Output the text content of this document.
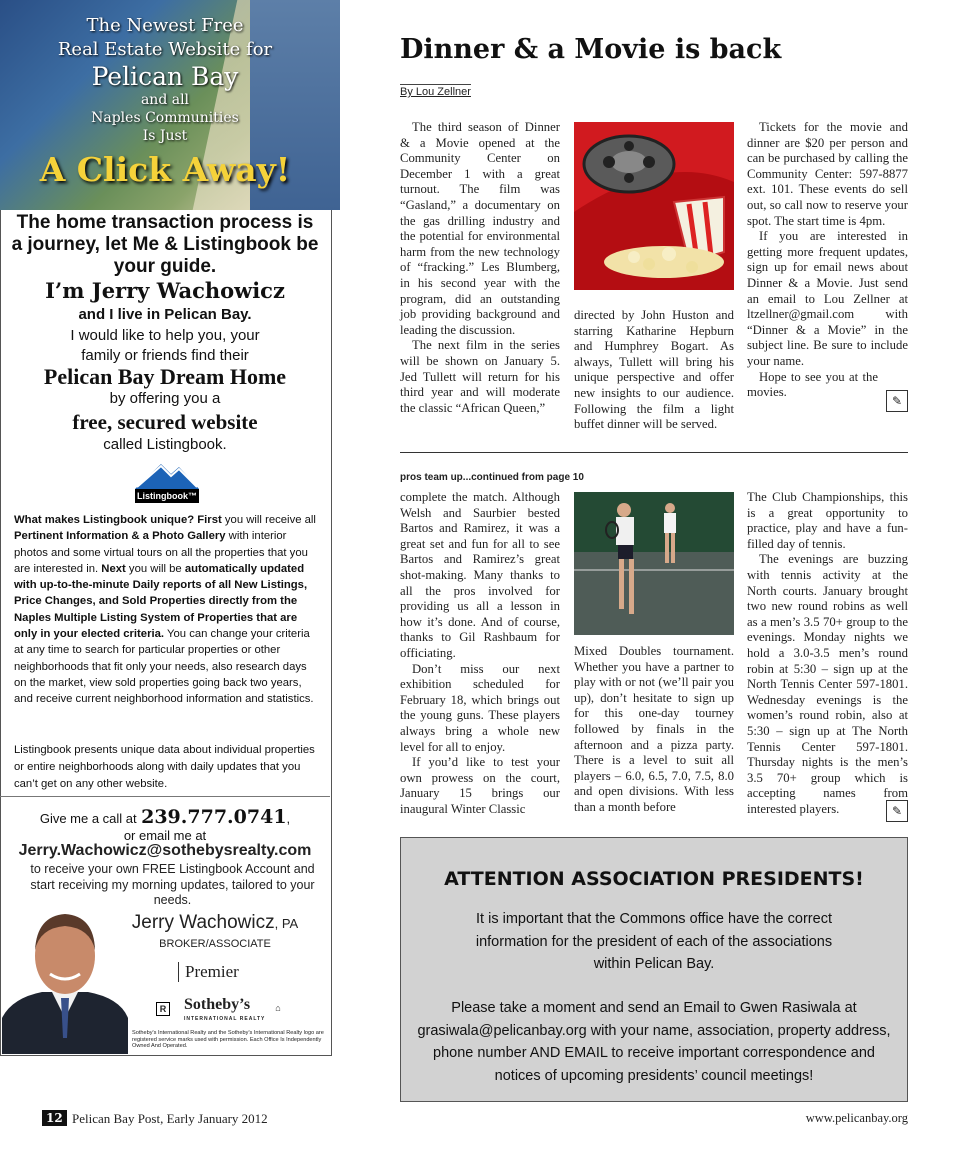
The Newest Free
Real Estate Website for
Pelican Bay
and all
Naples Communities
Is Just
A Click Away!
The home transaction process is a journey, let Me & Listingbook be your guide.
I’m Jerry Wachowicz
and I live in Pelican Bay.
I would like to help you, your family or friends find their
Pelican Bay Dream Home
by offering you a
free, secured website
called Listingbook.
Listingbook™
What makes Listingbook unique? First you will receive all Pertinent Information & a Photo Gallery with interior photos and some virtual tours on all the properties that you are interested in. Next you will be automatically updated with up-to-the-minute Daily reports of all New Listings, Price Changes, and Sold Properties directly from the Naples Multiple Listing System of Properties that are only in your elected criteria. You can change your criteria at any time to search for particular properties or other neighborhoods that fit only your needs, also research days on the market, view sold properties going back two years, and receive current neighborhood information and statistics.
Listingbook presents unique data about individual properties or entire neighborhoods along with daily updates that you can’t get on any other website.
Give me a call at 239.777.0741,
or email me at
Jerry.Wachowicz@sothebysrealty.com
to receive your own FREE Listingbook Account and start receiving my morning updates, tailored to your needs.
Jerry Wachowicz, PA
BROKER/ASSOCIATE
Premier
R Sotheby’s
INTERNATIONAL REALTY
⌂
Sotheby's International Realty and the Sotheby's International Realty logo are registered service marks used with permission. Each Office Is Independently Owned And Operated.
Dinner & a Movie is back
By Lou Zellner

The third season of Dinner & a Movie opened at the Community Center on December 1 with a great turnout. The film was “Gasland,” a documentary on the gas drilling industry and the potential for environmental harm from the new technology of “fracking.” Les Blumberg, in his second year with the program, did an outstanding job providing background and leading the discussion.

The next film in the series will be shown on January 5. Jed Tullett will return for his third year and will moderate the classic “African Queen,”

directed by John Huston and starring Katharine Hepburn and Humphrey Bogart. As always, Tullett will bring his unique perspective and offer new insights to our audience. Following the film a light buffet dinner will be served.

Tickets for the movie and dinner are $20 per person and can be purchased by calling the Community Center: 597-8877 ext. 101. These events do sell out, so call now to reserve your spot. The start time is 4pm.

If you are interested in getting more frequent updates, sign up for email news about Dinner & a Movie. Just send an email to Lou Zellner at ltzellner@gmail.com with “Dinner & a Movie” in the subject line. Be sure to include your name.

Hope to see you at the movies.

✎
pros team up...continued from page 10

complete the match. Although Welsh and Saurbier bested Bartos and Ramirez, it was a great set and fun for all to see Bartos and Ramirez’s great shot-making. Many thanks to all the pros involved for providing us all a lesson in how it’s done. And of course, thanks to Gil Rashbaum for officiating.

Don’t miss our next exhibition scheduled for February 18, which brings out the young guns. These players always bring a whole new level for all to enjoy.

If you’d like to test your own prowess on the court, January 15 brings our inaugural Winter Classic

Mixed Doubles tournament. Whether you have a partner to play with or not (we’ll pair you up), don’t hesitate to sign up for this one-day tourney followed by finals in the afternoon and a pizza party. There is a level to suit all players – 6.0, 6.5, 7.0, 7.5, 8.0 and open divisions. With less than a month before

The Club Championships, this is a great opportunity to practice, play and have a fun-filled day of tennis.

The evenings are buzzing with tennis activity at the North courts. January brought two new round robins as well as a men’s 3.5 70+ group to the evenings. Monday nights we hold a 3.0-3.5 men’s round robin at 5:30 – sign up at the North Tennis Center 597-1801. Wednesday evenings is the women’s round robin, also at 5:30 – sign up at The North Tennis Center 597-1801. Thursday nights is the men’s 3.5 70+ group which is accepting names from interested players.	✎
ATTENTION ASSOCIATION PRESIDENTS!
It is important that the Commons office have the correct information for the president of each of the associations within Pelican Bay.
Please take a moment and send an Email to Gwen Rasiwala at grasiwala@pelicanbay.org with your name, association, property address, phone number AND EMAIL to receive important correspondence and notices of upcoming presidents’ council meetings!
12 Pelican Bay Post, Early January 2012	www.pelicanbay.org
